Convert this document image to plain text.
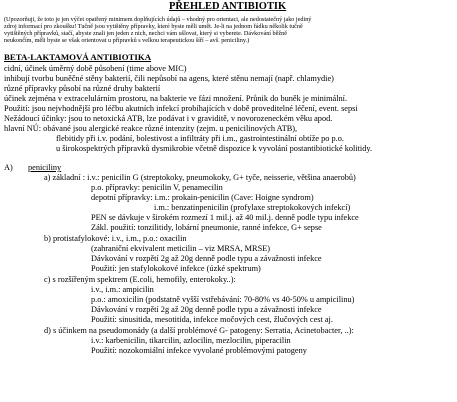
PŘEHLED ANTIBIOTIK
(Upozorňuji, že toto je jen výčet opatřený minimem doplňujících údajů – vhodný pro orientaci, ale nedostatečný jako jediný
zdroj informací pro zkoušku! Tučně jsou vytištěny přípravky, které byste měli umět. Je-li na jednom řádku několik tučně
vytištěných přípravků, stačí, abyste znali jen jeden z nich, nechci vám ušlovat, který si vyberete. Dávkování běžně
neukončím, měli byste se však orientovat u přípravků s velkou terapeutickou šíří – avš. peniciliny.)
BETA-LAKTAMOVÁ ANTIBIOTIKA
cidní, účinek úměrný době působení (time above MIC)
inhibují tvorbu buněčné stěny bakterií, čili nepůsobí na agens, které stěnu nemají (např. chlamydie)
různé přípravky působí na různé druhy bakterií
účinek zejména v extracelulárním prostoru, na bakterie ve fázi množení. Průnik do buněk je minimální.
Použití: jsou nejvhodnější pro léčbu akutních infekcí probíhajících v době proveditelné léčení, event. sepsi
Nežádoucí účinky: jsou to netoxická ATB, lze podávat i v graviditě, v novorozeneckém věku apod.
hlavní NÚ: obávané jsou alergické reakce různé intenzity (zejm. u penicilinových ATB),
flebitidy při i.v. podání, bolestivost a infiltráty při i.m., gastrointestinální obtíže po p.o.
u širokospektrých přípravků dysmikrobie včetně dispozice k vyvolání postantibiotické kolitidy.
A) peniciliny
a) základní : i.v.: penicilin G (streptokoky, pneumokoky, G+ tyče, neisserie, většina anaerobů)
p.o. přípravky: penicilin V, penamecilin
depotní přípravky: i.m.: prokain-penicilin (Cave: Hoigne syndrom)
i.m.: benzatinpenicilin (profylaxe streptokokových infekcí)
PEN se dávkuje v širokém rozmezí 1 mil.j. až 40 mil.j. denně podle typu infekce
Zákl. použití: tonzilitidy, lobární pneumonie, ranné infekce, G+ sepse
b) protistafylokové: i.v., i.m., p.o.: oxacilin
(zahraniční ekvivalent meticilin – viz MRSA, MRSE)
Dávkování v rozpětí 2g až 20g denně podle typu a závažnosti infekce
Použití: jen stafylokokové infekce (úzké spektrum)
c) s rozšířeným spektrem (E.coli, hemofily, enterokoky..):
i.v., i.m.: ampicilin
p.o.: amoxicilin (podstatně vyšší vstřebávání: 70-80% vs 40-50% u ampicilinu)
Dávkování v rozpětí 2g až 20g denně podle typu a závažnosti infekce
Použití: sinusitida, mesotitida, infekce močových cest, žlučových cest aj.
d) s účinkem na pseudomonády (a další problémové G- patogeny: Serratia, Acinetobacter, ..):
i.v.: karbenicilin, tikarcilin, azlocilin, mezlocilin, piperacilin
Použití: nozokomiální infekce vyvolané problémovými patogeny
